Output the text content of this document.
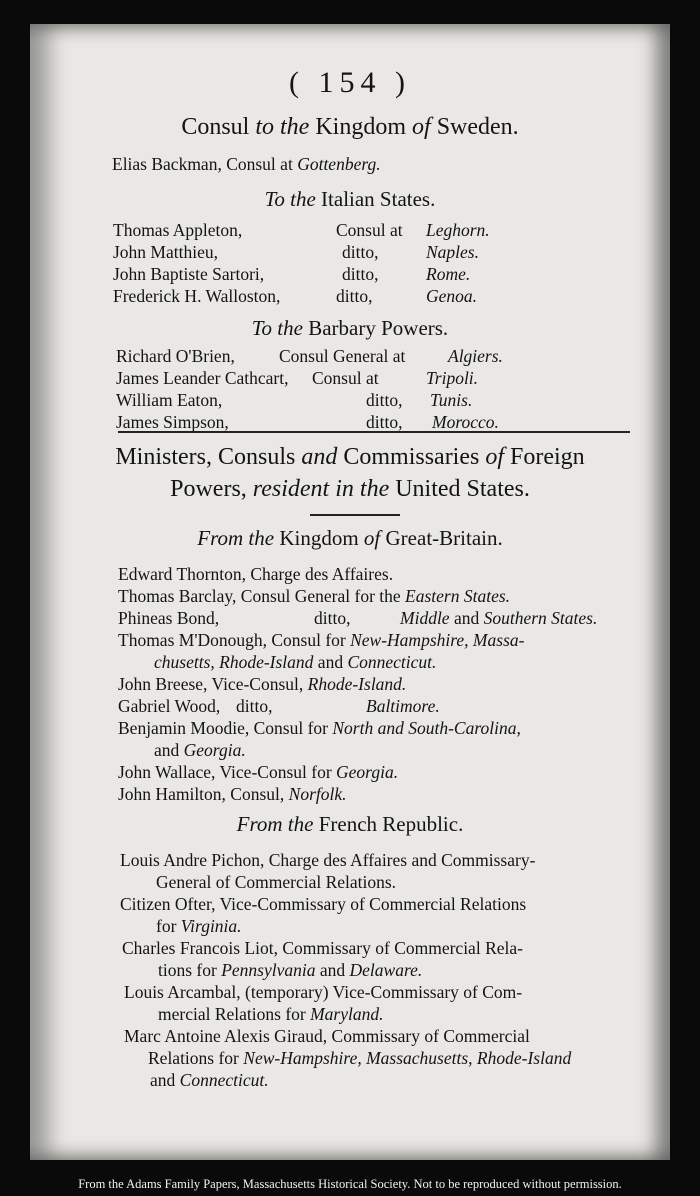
( 154 )
Consul to the Kingdom of Sweden.
Elias Backman, Consul at Gottenberg.
To the Italian States.
Thomas Appleton,	Consul at Leghorn.
John Matthieu,	ditto,	Naples.
John Baptiste Sartori,	ditto,	Rome.
Frederick H. Walloston,	ditto,	Genoa.
To the Barbary Powers.
Richard O'Brien,	Consul General at Algiers.
James Leander Cathcart, Consul at	Tripoli.
William Eaton,	ditto, Tunis.
James Simpson,	ditto, Morocco.
Ministers, Consuls and Commissaries of Foreign
Powers, resident in the United States.
From the Kingdom of Great-Britain.
Edward Thornton, Charge des Affaires.
Thomas Barclay, Consul General for the Eastern States.
Phineas Bond,	ditto,	Middle and Southern States.
Thomas M'Donough, Consul for New-Hampshire, Massa-
chusetts, Rhode-Island and Connecticut.
John Breese, Vice-Consul, Rhode-Island.
Gabriel Wood, ditto,	Baltimore.
Benjamin Moodie, Consul for North and South-Carolina,
and Georgia.
John Wallace, Vice-Consul for Georgia.
John Hamilton, Consul, Norfolk.
From the French Republic.
Louis Andre Pichon, Charge des Affaires and Commissary-
General of Commercial Relations.
Citizen Ofter, Vice-Commissary of Commercial Relations
for Virginia.
Charles Francois Liot, Commissary of Commercial Rela-
tions for Pennsylvania and Delaware.
Louis Arcambal, (temporary) Vice-Commissary of Com-
mercial Relations for Maryland.
Marc Antoine Alexis Giraud, Commissary of Commercial
Relations for New-Hampshire, Massachusetts, Rhode-Island
and Connecticut.
From the Adams Family Papers, Massachusetts Historical Society. Not to be reproduced without permission.
